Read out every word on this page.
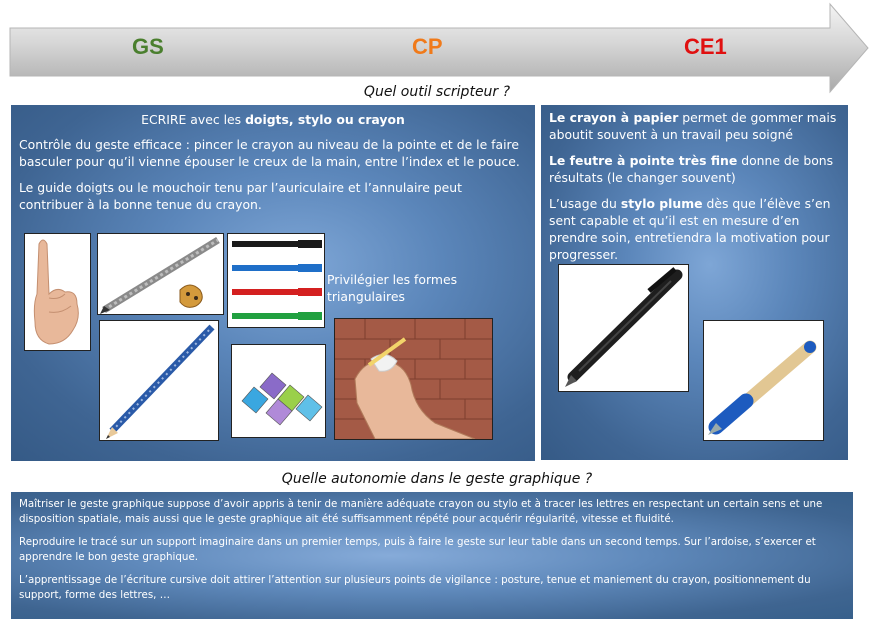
GS	CP	CE1
Quel outil scripteur ?

ECRIRE avec les doigts, stylo ou crayon

Contrôle du geste efficace : pincer le crayon au niveau de la pointe et de le faire basculer pour qu’il vienne épouser le creux de la main, entre l’index et le pouce.

Le guide doigts ou le mouchoir tenu par l’auriculaire et l’annulaire peut contribuer à la bonne tenue du crayon.

Privilégier les formes triangulaires

Le crayon à papier permet de gommer mais aboutit souvent à un travail peu soigné

Le feutre à pointe très fine donne de bons résultats (le changer souvent)

L’usage du stylo plume dès que l’élève s’en sent capable et qu’il est en mesure d’en prendre soin, entretiendra la motivation pour progresser.

Quelle autonomie dans le geste graphique ?

Maîtriser le geste graphique suppose d’avoir appris à tenir de manière adéquate crayon ou stylo et à tracer les lettres en respectant un certain sens et une disposition spatiale, mais aussi que le geste graphique ait été suffisamment répété pour acquérir régularité, vitesse et fluidité.

Reproduire le tracé sur un support imaginaire dans un premier temps, puis à faire le geste sur leur table dans un second temps. Sur l’ardoise, s’exercer et apprendre le bon geste graphique.

L’apprentissage de l’écriture cursive doit attirer l’attention sur plusieurs points de vigilance : posture, tenue et maniement du crayon, positionnement du support, forme des lettres, …
